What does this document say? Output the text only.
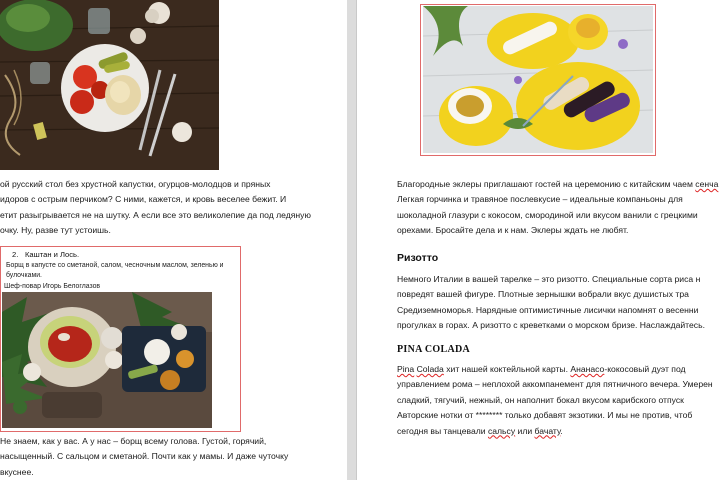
ой русский стол без хрустной капустки, огурцов-молодцов и пряных
идоров с острым перчиком? С ними, кажется, и кровь веселее бежит. И
етит разыгрывается не на шутку. А если все это великолепие да под ледяную
очку. Ну, разве тут устоишь.

2. Каштан и Лось.
Борщ в капусте со сметаной, салом, чесночным маслом, зеленью и
булочками.
Шеф-повар Игорь Белоглазов

Не знаем, как у вас. А у нас – борщ всему голова. Густой, горячий,
насыщенный. С сальцом и сметаной. Почти как у мамы. И даже чуточку
вкуснее.

Благородные эклеры приглашают гостей на церемонию с китайским чаем сенча
Легкая горчинка и травяное послевкусие – идеальные компаньоны для
шоколадной глазури с кокосом, смородиной или вкусом ванили с грецкими
орехами. Бросайте дела и к нам. Эклеры ждать не любят.

Ризотто

Немного Италии в вашей тарелке – это ризотто. Специальные сорта риса н
повредят вашей фигуре. Плотные зернышки вобрали вкус душистых тра
Средиземноморья. Нарядные оптимистичные лисички напомнят о весенни
прогулках в горах. А ризотто с креветками о морском бризе. Наслаждайтесь.

PINA COLADA

Pina Colada хит нашей коктейльной карты. Ананасо-кокосовый дуэт под
управлением рома – неплохой аккомпанемент для пятничного вечера. Умерен
сладкий, тягучий, нежный, он наполнит бокал вкусом карибского отпуск
Авторские нотки от ******** только добавят экзотики. И мы не против, чтоб
сегодня вы танцевали сальсу или бачату.
